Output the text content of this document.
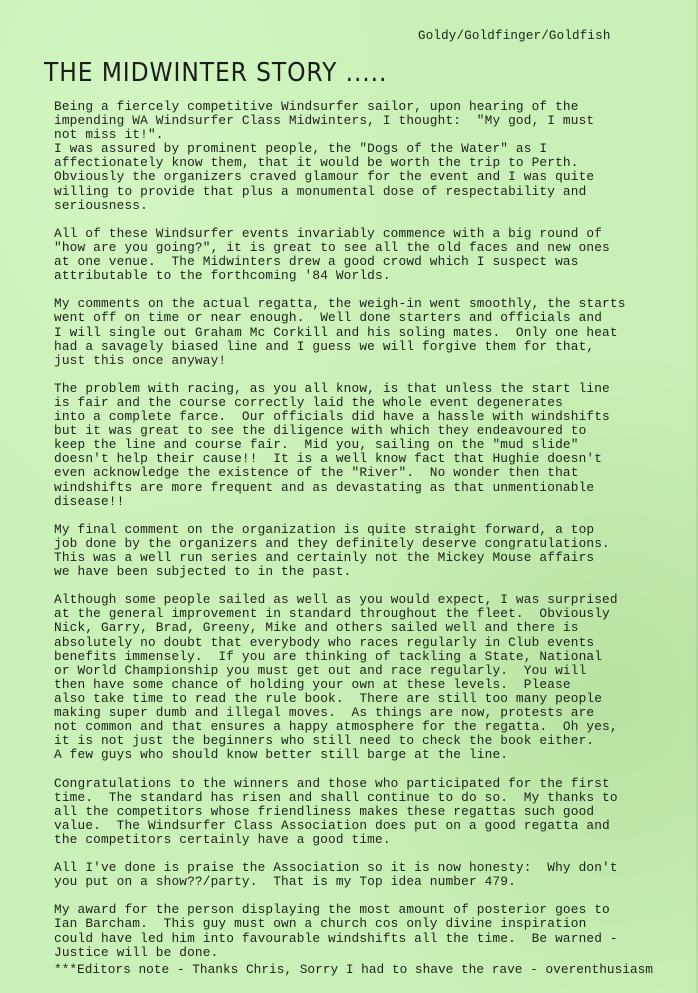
Goldy/Goldfinger/Goldfish
THE MIDWINTER STORY .....
Being a fiercely competitive Windsurfer sailor, upon hearing of the
impending WA Windsurfer Class Midwinters, I thought:  "My god, I must
not miss it!".
I was assured by prominent people, the "Dogs of the Water" as I
affectionately know them, that it would be worth the trip to Perth.
Obviously the organizers craved glamour for the event and I was quite
willing to provide that plus a monumental dose of respectability and
seriousness.
All of these Windsurfer events invariably commence with a big round of
"how are you going?", it is great to see all the old faces and new ones
at one venue.  The Midwinters drew a good crowd which I suspect was
attributable to the forthcoming '84 Worlds.
My comments on the actual regatta, the weigh-in went smoothly, the starts
went off on time or near enough.  Well done starters and officials and
I will single out Graham Mc Corkill and his soling mates.  Only one heat
had a savagely biased line and I guess we will forgive them for that,
just this once anyway!
The problem with racing, as you all know, is that unless the start line
is fair and the course correctly laid the whole event degenerates
into a complete farce.  Our officials did have a hassle with windshifts
but it was great to see the diligence with which they endeavoured to
keep the line and course fair.  Mid you, sailing on the "mud slide"
doesn't help their cause!!  It is a well know fact that Hughie doesn't
even acknowledge the existence of the "River".  No wonder then that
windshifts are more frequent and as devastating as that unmentionable
disease!!
My final comment on the organization is quite straight forward, a top
job done by the organizers and they definitely deserve congratulations.
This was a well run series and certainly not the Mickey Mouse affairs
we have been subjected to in the past.
Although some people sailed as well as you would expect, I was surprised
at the general improvement in standard throughout the fleet.  Obviously
Nick, Garry, Brad, Greeny, Mike and others sailed well and there is
absolutely no doubt that everybody who races regularly in Club events
benefits immensely.  If you are thinking of tackling a State, National
or World Championship you must get out and race regularly.  You will
then have some chance of holding your own at these levels.  Please
also take time to read the rule book.  There are still too many people
making super dumb and illegal moves.  As things are now, protests are
not common and that ensures a happy atmosphere for the regatta.  Oh yes,
it is not just the beginners who still need to check the book either.
A few guys who should know better still barge at the line.
Congratulations to the winners and those who participated for the first
time.  The standard has risen and shall continue to do so.  My thanks to
all the competitors whose friendliness makes these regattas such good
value.  The Windsurfer Class Association does put on a good regatta and
the competitors certainly have a good time.
All I've done is praise the Association so it is now honesty:  Why don't
you put on a show??/party.  That is my Top idea number 479.
My award for the person displaying the most amount of posterior goes to
Ian Barcham.  This guy must own a church cos only divine inspiration
could have led him into favourable windshifts all the time.  Be warned -
Justice will be done.
***Editors note - Thanks Chris, Sorry I had to shave the rave - overenthusiasm
